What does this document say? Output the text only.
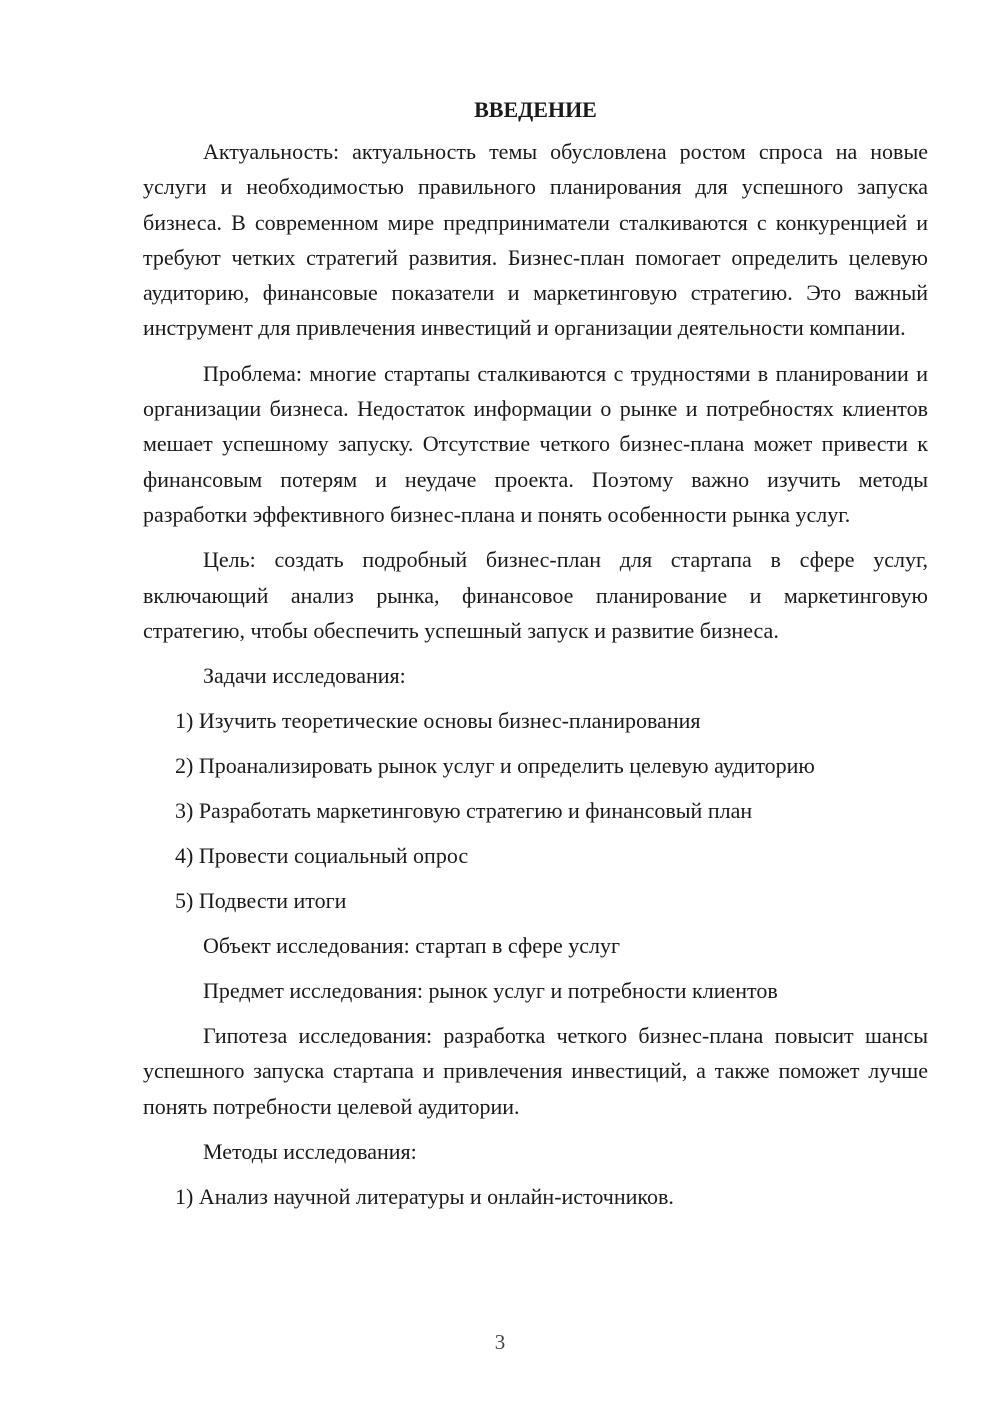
ВВЕДЕНИЕ

Актуальность: актуальность темы обусловлена ростом спроса на новые услуги и необходимостью правильного планирования для успешного запуска бизнеса. В современном мире предприниматели сталкиваются с конкуренцией и требуют четких стратегий развития. Бизнес-план помогает определить целевую аудиторию, финансовые показатели и маркетинговую стратегию. Это важный инструмент для привлечения инвестиций и организации деятельности компании.

Проблема: многие стартапы сталкиваются с трудностями в планировании и организации бизнеса. Недостаток информации о рынке и потребностях клиентов мешает успешному запуску. Отсутствие четкого бизнес-плана может привести к финансовым потерям и неудаче проекта. Поэтому важно изучить методы разработки эффективного бизнес-плана и понять особенности рынка услуг.

Цель: создать подробный бизнес-план для стартапа в сфере услуг, включающий анализ рынка, финансовое планирование и маркетинговую стратегию, чтобы обеспечить успешный запуск и развитие бизнеса.

Задачи исследования:
1) Изучить теоретические основы бизнес-планирования
2) Проанализировать рынок услуг и определить целевую аудиторию
3) Разработать маркетинговую стратегию и финансовый план
4) Провести социальный опрос
5) Подвести итоги
Объект исследования: стартап в сфере услуг
Предмет исследования: рынок услуг и потребности клиентов

Гипотеза исследования: разработка четкого бизнес-плана повысит шансы успешного запуска стартапа и привлечения инвестиций, а также поможет лучше понять потребности целевой аудитории.

Методы исследования:
1) Анализ научной литературы и онлайн-источников.
3
